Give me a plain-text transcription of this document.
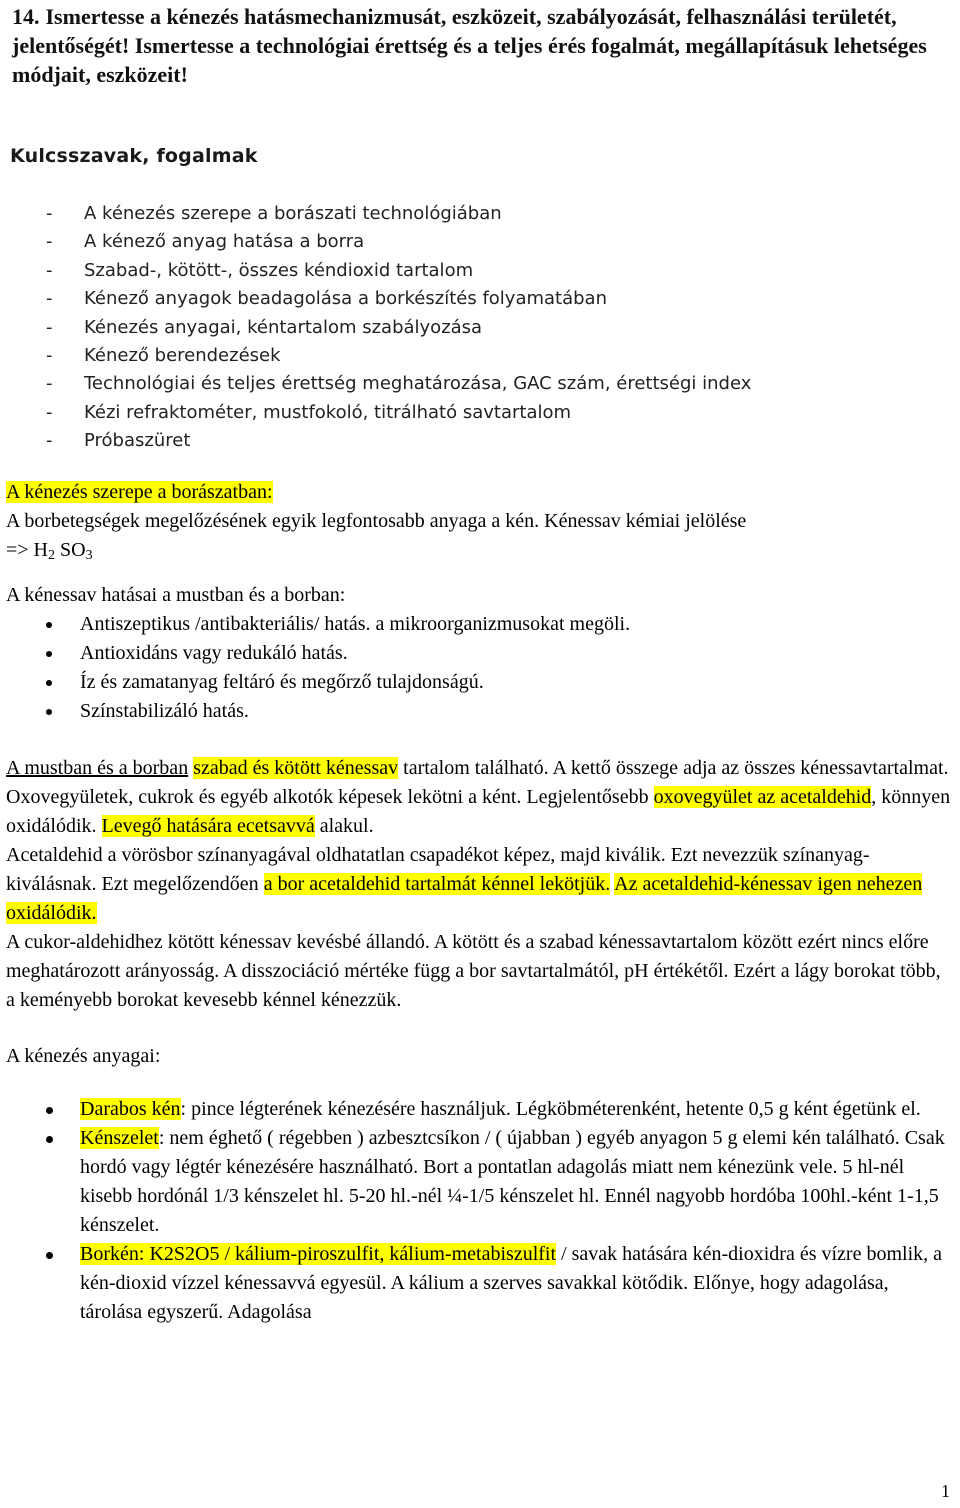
14. Ismertesse a kénezés hatásmechanizmusát, eszközeit, szabályozását, felhasználási területét, jelentőségét! Ismertesse a technológiai érettség és a teljes érés fogalmát, megállapításuk lehetséges módjait, eszközeit!
Kulcsszavak, fogalmak
- A kénezés szerepe a borászati technológiában
- A kénező anyag hatása a borra
- Szabad-, kötött-, összes kéndioxid tartalom
- Kénező anyagok beadagolása a borkészítés folyamatában
- Kénezés anyagai, kéntartalom szabályozása
- Kénező berendezések
- Technológiai és teljes érettség meghatározása, GAC szám, érettségi index
- Kézi refraktométer, mustfokoló, titrálható savtartalom
- Próbaszüret

A kénezés szerepe a borászatban:

A borbetegségek megelőzésének egyik legfontosabb anyaga a kén. Kénessav kémiai jelölése
=> $H_2$ $SO_3$

A kénessav hatásai a mustban és a borban:

Antiszeptikus /antibakteriális/ hatás. a mikroorganizmusokat megöli.
Antioxidáns vagy redukáló hatás.
Íz és zamatanyag feltáró és megőrző tulajdonságú.
Színstabilizáló hatás.

A mustban és a borban szabad és kötött kénessav tartalom található. A kettő összege adja az összes kénessavtartalmat. Oxovegyületek, cukrok és egyéb alkotók képesek lekötni a ként. Legjelentősebb oxovegyület az acetaldehid, könnyen oxidálódik. Levegő hatására ecetsavvá alakul.

Acetaldehid a vörösbor színanyagával oldhatatlan csapadékot képez, majd kiválik. Ezt nevezzük színanyag-kiválásnak. Ezt megelőzendően a bor acetaldehid tartalmát kénnel lekötjük. Az acetaldehid-kénessav igen nehezen oxidálódik.

A cukor-aldehidhez kötött kénessav kevésbé állandó. A kötött és a szabad kénessavtartalom között ezért nincs előre meghatározott arányosság. A disszociáció mértéke függ a bor savtartalmától, pH értékétől. Ezért a lágy borokat több, a keményebb borokat kevesebb kénnel kénezzük.

A kénezés anyagai:

Darabos kén: pince légterének kénezésére használjuk. Légköbméterenként, hetente 0,5 g ként égetünk el.
Kénszelet: nem éghető ( régebben ) azbesztcsíkon / ( újabban ) egyéb anyagon 5 g elemi kén található. Csak hordó vagy légtér kénezésére használható. Bort a pontatlan adagolás miatt nem kénezünk vele. 5 hl-nél kisebb hordónál 1/3 kénszelet hl. 5-20 hl.-nél ¼-1/5 kénszelet hl. Ennél nagyobb hordóba 100hl.-ként 1-1,5 kénszelet.
Borkén: K2S2O5 / kálium-piroszulfit, kálium-metabiszulfit / savak hatására kén-dioxidra és vízre bomlik, a kén-dioxid vízzel kénessavvá egyesül. A kálium a szerves savakkal kötődik. Előnye, hogy adagolása, tárolása egyszerű. Adagolása
1
